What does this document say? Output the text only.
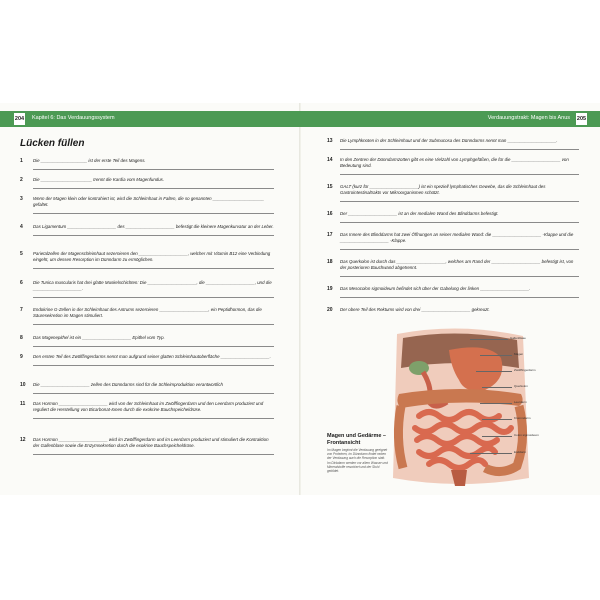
204 Kapitel 6: Das Verdauungssystem	Verdauungstrakt: Magen bis Anus 205
Lücken füllen
1 Die ___________________ ist der erste Teil des Magens.
2 Die _____________________ trennt die Kardia vom Magenfundus.
3 Wenn der Magen klein oder kontrahiert ist, wird die Schleimhaut in Falten, die so genannten _____________________ gefaltet.
4 Das Ligamentum ____________________ des ____________________ befestigt die kleinere Magenkurvatur an der Leber.
5 Parietalzellen der Magenschleimhaut sezernieren den ____________________, welcher mit Vitamin B12 eine Verbindung eingeht, um dessen Resorption im Dünndarm zu ermöglichen.
6 Die Tunica muscularis hat drei glatte Muskelschichten: Die ____________________, die ____________________, und die ____________________.
7 Endokrine G-Zellen in der Schleimhaut des Antrums sezernieren ____________________, ein Peptidhormon, das die Säuresekretion im Magen stimuliert.
8 Das Magenepithel ist ein ____________________ Epithel vom Typ.
9 Den ersten Teil des Zwölffingerdarms nennt man aufgrund seiner glatten Schleimhautoberfläche ____________________.
10 Die ____________________ zellen des Dünndarms sind für die Schleimproduktion verantwortlich
11 Das Hormon ____________________ wird von der Schleimhaut im Zwölffingerdarm und den Leerdarm produziert und reguliert die Herstellung von Bicarbonat-Ionen durch die exokrine Bauchspeicheldrüse.
12 Das Hormon ____________________ wird im Zwölffingerdarm und im Leerdarm produziert und stimuliert die Kontraktion der Gallenblase sowie die Enzymsekretion durch die exokrine Bauchspeicheldrüse.
13 Die Lymphknoten in der Schleimhaut und der Submucosa des Dünndarms nennt man ____________________.
14 In den Zentren der Dünndarmzotten gibt es eine Vielzahl von Lymphgefäßen, die für die ____________________ von Bedeutung sind.
15 GALT (kurz für ____________________) ist ein speziell lymphatisches Gewebe, das die Schleimhaut des Gastrointestinaltrakts vor Mikroorganismen schützt.
16 Der ____________________ ist an der medialen Wand des Blinddarms befestigt.
17 Das Innere des Blinddarms hat zwei Öffnungen an seiner medialen Wand: die ____________________ -Klappe und die ____________________ -Klappe.
18 Das Querkolon ist durch das ____________________, welches am Rand der ____________________ befestigt ist, von der posterioren Bauchwand abgetrennt.
19 Das Mesocolon sigmoideum befindet sich über der Gabelung der linken ____________________.
20 Der obere Teil des Rektums wird von drei ____________________ gekreuzt.
Gallenblase
Magen
Zwölffingerdarm
Querkolon
Leerdarm
Krummdarm
Colon sigmoideum
Enddarm
Magen und Gedärme – Frontansicht
Im Magen beginnt die Verdauung geeignet von Proteinen, im Dünndarm findet neben der Verdauung auch die Resorption statt. Im Dickdarm werden vor allem Wasser und Mineralstoffe resorbiert und der Stuhl gebildet.
